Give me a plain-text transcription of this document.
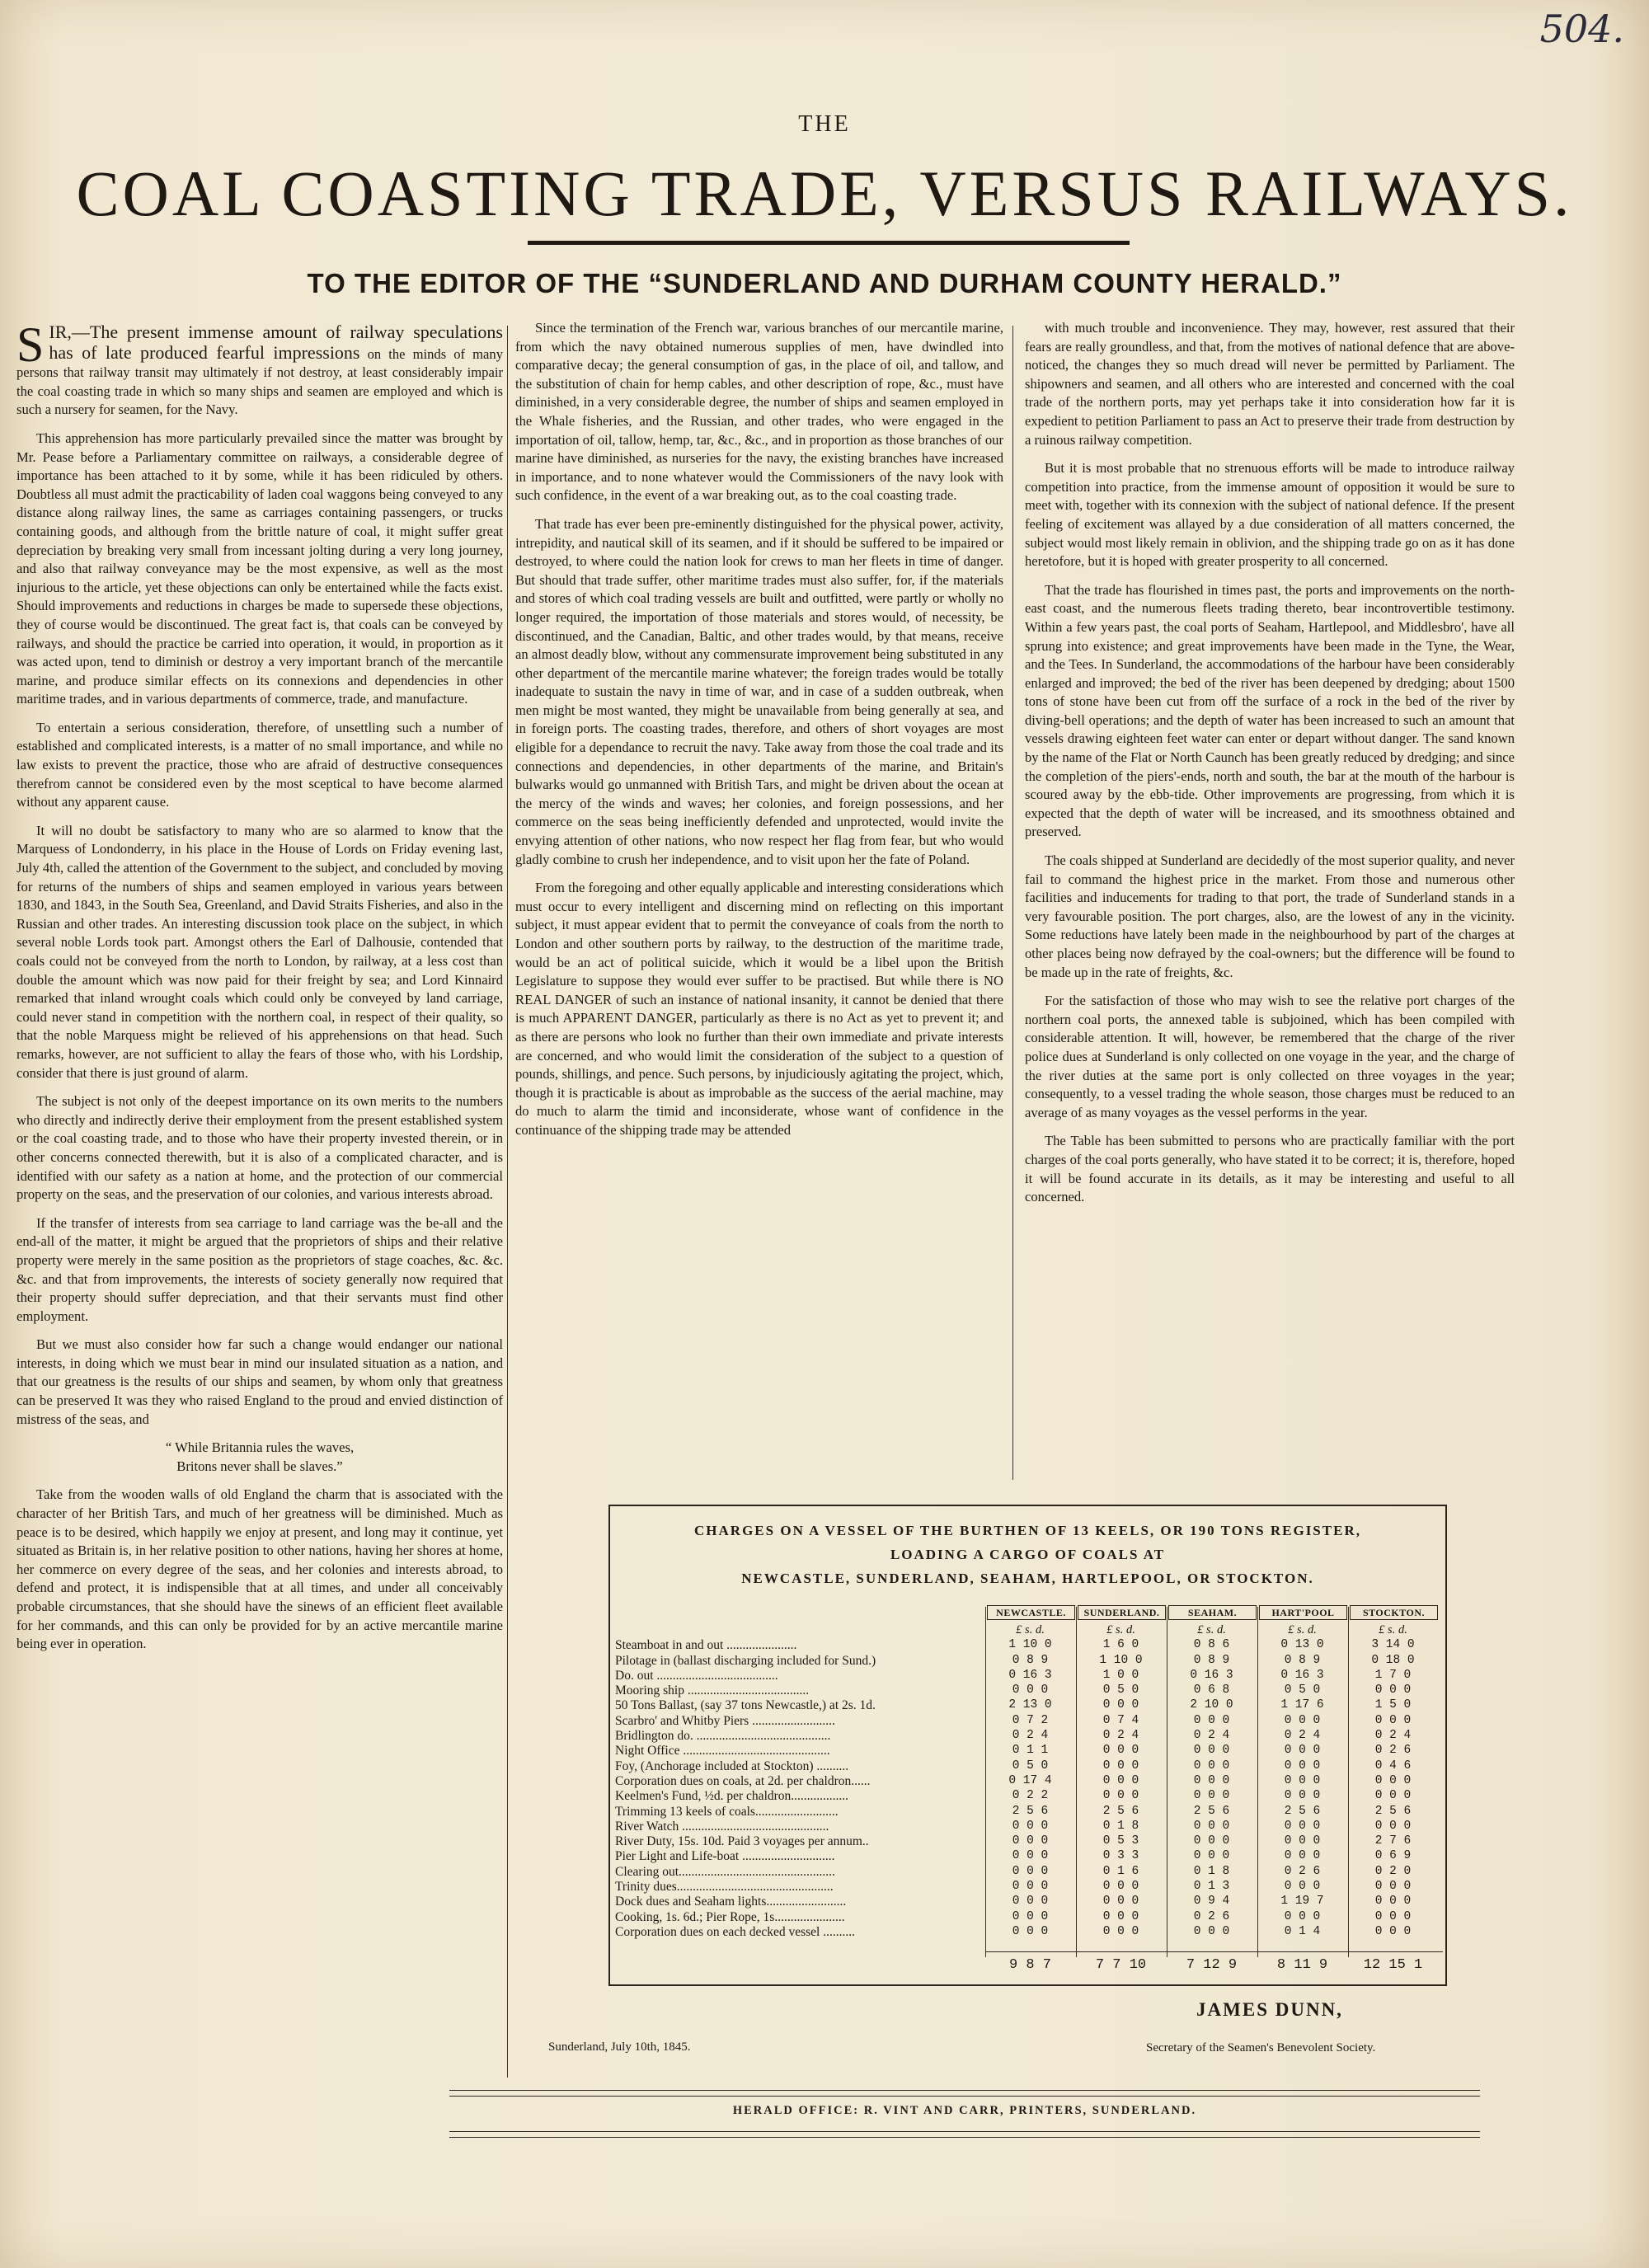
504.
THE
COAL COASTING TRADE, VERSUS RAILWAYS.
TO THE EDITOR OF THE “SUNDERLAND AND DURHAM COUNTY HERALD.”

SIR,—The present immense amount of railway speculations has of late produced fearful impressions on the minds of many persons that railway transit may ultimately if not destroy, at least considerably impair the coal coasting trade in which so many ships and seamen are employed and which is such a nursery for seamen, for the Navy.

This apprehension has more particularly prevailed since the matter was brought by Mr. Pease before a Parliamentary committee on railways, a considerable degree of importance has been attached to it by some, while it has been ridiculed by others. Doubtless all must admit the practicability of laden coal waggons being conveyed to any distance along railway lines, the same as carriages containing passengers, or trucks containing goods, and although from the brittle nature of coal, it might suffer great depreciation by breaking very small from incessant jolting during a very long journey, and also that railway conveyance may be the most expensive, as well as the most injurious to the article, yet these objections can only be entertained while the facts exist. Should improvements and reductions in charges be made to supersede these objections, they of course would be discontinued. The great fact is, that coals can be conveyed by railways, and should the practice be carried into operation, it would, in proportion as it was acted upon, tend to diminish or destroy a very important branch of the mercantile marine, and produce similar effects on its connexions and dependencies in other maritime trades, and in various departments of commerce, trade, and manufacture.

To entertain a serious consideration, therefore, of unsettling such a number of established and complicated interests, is a matter of no small importance, and while no law exists to prevent the practice, those who are afraid of destructive consequences therefrom cannot be considered even by the most sceptical to have become alarmed without any apparent cause.

It will no doubt be satisfactory to many who are so alarmed to know that the Marquess of Londonderry, in his place in the House of Lords on Friday evening last, July 4th, called the attention of the Government to the subject, and concluded by moving for returns of the numbers of ships and seamen employed in various years between 1830, and 1843, in the South Sea, Greenland, and David Straits Fisheries, and also in the Russian and other trades. An interesting discussion took place on the subject, in which several noble Lords took part. Amongst others the Earl of Dalhousie, contended that coals could not be conveyed from the north to London, by railway, at a less cost than double the amount which was now paid for their freight by sea; and Lord Kinnaird remarked that inland wrought coals which could only be conveyed by land carriage, could never stand in competition with the northern coal, in respect of their quality, so that the noble Marquess might be relieved of his apprehensions on that head. Such remarks, however, are not sufficient to allay the fears of those who, with his Lordship, consider that there is just ground of alarm.

The subject is not only of the deepest importance on its own merits to the numbers who directly and indirectly derive their employment from the present established system or the coal coasting trade, and to those who have their property invested therein, or in other concerns connected therewith, but it is also of a complicated character, and is identified with our safety as a nation at home, and the protection of our commercial property on the seas, and the preservation of our colonies, and various interests abroad.

If the transfer of interests from sea carriage to land carriage was the be-all and the end-all of the matter, it might be argued that the proprietors of ships and their relative property were merely in the same position as the proprietors of stage coaches, &c. &c. &c. and that from improvements, the interests of society generally now required that their property should suffer depreciation, and that their servants must find other employment.

But we must also consider how far such a change would endanger our national interests, in doing which we must bear in mind our insulated situation as a nation, and that our greatness is the results of our ships and seamen, by whom only that greatness can be preserved It was they who raised England to the proud and envied distinction of mistress of the seas, and

“ While Britannia rules the waves,
Britons never shall be slaves.”

Take from the wooden walls of old England the charm that is associated with the character of her British Tars, and much of her greatness will be diminished. Much as peace is to be desired, which happily we enjoy at present, and long may it continue, yet situated as Britain is, in her relative position to other nations, having her shores at home, her commerce on every degree of the seas, and her colonies and interests abroad, to defend and protect, it is indispensible that at all times, and under all conceivably probable circumstances, that she should have the sinews of an efficient fleet available for her commands, and this can only be provided for by an active mercantile marine being ever in operation.

Since the termination of the French war, various branches of our mercantile marine, from which the navy obtained numerous supplies of men, have dwindled into comparative decay; the general consumption of gas, in the place of oil, and tallow, and the substitution of chain for hemp cables, and other description of rope, &c., must have diminished, in a very considerable degree, the number of ships and seamen employed in the Whale fisheries, and the Russian, and other trades, who were engaged in the importation of oil, tallow, hemp, tar, &c., &c., and in proportion as those branches of our marine have diminished, as nurseries for the navy, the existing branches have increased in importance, and to none whatever would the Commissioners of the navy look with such confidence, in the event of a war breaking out, as to the coal coasting trade.

That trade has ever been pre-eminently distinguished for the physical power, activity, intrepidity, and nautical skill of its seamen, and if it should be suffered to be impaired or destroyed, to where could the nation look for crews to man her fleets in time of danger. But should that trade suffer, other maritime trades must also suffer, for, if the materials and stores of which coal trading vessels are built and outfitted, were partly or wholly no longer required, the importation of those materials and stores would, of necessity, be discontinued, and the Canadian, Baltic, and other trades would, by that means, receive an almost deadly blow, without any commensurate improvement being substituted in any other department of the mercantile marine whatever; the foreign trades would be totally inadequate to sustain the navy in time of war, and in case of a sudden outbreak, when men might be most wanted, they might be unavailable from being generally at sea, and in foreign ports. The coasting trades, therefore, and others of short voyages are most eligible for a dependance to recruit the navy. Take away from those the coal trade and its connections and dependencies, in other departments of the marine, and Britain's bulwarks would go unmanned with British Tars, and might be driven about the ocean at the mercy of the winds and waves; her colonies, and foreign possessions, and her commerce on the seas being inefficiently defended and unprotected, would invite the envying attention of other nations, who now respect her flag from fear, but who would gladly combine to crush her independence, and to visit upon her the fate of Poland.

From the foregoing and other equally applicable and interesting considerations which must occur to every intelligent and discerning mind on reflecting on this important subject, it must appear evident that to permit the conveyance of coals from the north to London and other southern ports by railway, to the destruction of the maritime trade, would be an act of political suicide, which it would be a libel upon the British Legislature to suppose they would ever suffer to be practised. But while there is NO REAL DANGER of such an instance of national insanity, it cannot be denied that there is much APPARENT DANGER, particularly as there is no Act as yet to prevent it; and as there are persons who look no further than their own immediate and private interests are concerned, and who would limit the consideration of the subject to a question of pounds, shillings, and pence. Such persons, by injudiciously agitating the project, which, though it is practicable is about as improbable as the success of the aerial machine, may do much to alarm the timid and inconsiderate, whose want of confidence in the continuance of the shipping trade may be attended

with much trouble and inconvenience. They may, however, rest assured that their fears are really groundless, and that, from the motives of national defence that are above-noticed, the changes they so much dread will never be permitted by Parliament. The shipowners and seamen, and all others who are interested and concerned with the coal trade of the northern ports, may yet perhaps take it into consideration how far it is expedient to petition Parliament to pass an Act to preserve their trade from destruction by a ruinous railway competition.

But it is most probable that no strenuous efforts will be made to introduce railway competition into practice, from the immense amount of opposition it would be sure to meet with, together with its connexion with the subject of national defence. If the present feeling of excitement was allayed by a due consideration of all matters concerned, the subject would most likely remain in oblivion, and the shipping trade go on as it has done heretofore, but it is hoped with greater prosperity to all concerned.

That the trade has flourished in times past, the ports and improvements on the north-east coast, and the numerous fleets trading thereto, bear incontrovertible testimony. Within a few years past, the coal ports of Seaham, Hartlepool, and Middlesbro', have all sprung into existence; and great improvements have been made in the Tyne, the Wear, and the Tees. In Sunderland, the accommodations of the harbour have been considerably enlarged and improved; the bed of the river has been deepened by dredging; about 1500 tons of stone have been cut from off the surface of a rock in the bed of the river by diving-bell operations; and the depth of water has been increased to such an amount that vessels drawing eighteen feet water can enter or depart without danger. The sand known by the name of the Flat or North Caunch has been greatly reduced by dredging; and since the completion of the piers'-ends, north and south, the bar at the mouth of the harbour is scoured away by the ebb-tide. Other improvements are progressing, from which it is expected that the depth of water will be increased, and its smoothness obtained and preserved.

The coals shipped at Sunderland are decidedly of the most superior quality, and never fail to command the highest price in the market. From those and numerous other facilities and inducements for trading to that port, the trade of Sunderland stands in a very favourable position. The port charges, also, are the lowest of any in the vicinity. Some reductions have lately been made in the neighbourhood by part of the charges at other places being now defrayed by the coal-owners; but the difference will be found to be made up in the rate of freights, &c.

For the satisfaction of those who may wish to see the relative port charges of the northern coal ports, the annexed table is subjoined, which has been compiled with considerable attention. It will, however, be remembered that the charge of the river police dues at Sunderland is only collected on one voyage in the year, and the charge of the river duties at the same port is only collected on three voyages in the year; consequently, to a vessel trading the whole season, those charges must be reduced to an average of as many voyages as the vessel performs in the year.

The Table has been submitted to persons who are practically familiar with the port charges of the coal ports generally, who have stated it to be correct; it is, therefore, hoped it will be found accurate in its details, as it may be interesting and useful to all concerned.

CHARGES ON A VESSEL OF THE BURTHEN OF 13 KEELS, OR 190 TONS REGISTER,
LOADING A CARGO OF COALS AT
NEWCASTLE, SUNDERLAND, SEAHAM, HARTLEPOOL, OR STOCKTON.
NEWCASTLE.	SUNDERLAND.	SEAHAM.	HART'POOL	STOCKTON.
£ s. d.	£ s. d.	£ s. d.	£ s. d.	£ s. d.
Steamboat in and out ......................	1 10 0	1 6 0	0 8 6	0 13 0	3 14 0
Pilotage in (ballast discharging included for Sund.)	0 8 9	1 10 0	0 8 9	0 8 9	0 18 0
Do. out ......................................	0 16 3	1 0 0	0 16 3	0 16 3	1 7 0
Mooring ship ......................................	0 0 0	0 5 0	0 6 8	0 5 0	0 0 0
50 Tons Ballast, (say 37 tons Newcastle,) at 2s. 1d.	2 13 0	0 0 0	2 10 0	1 17 6	1 5 0
Scarbro' and Whitby Piers ..........................	0 7 2	0 7 4	0 0 0	0 0 0	0 0 0
Bridlington do. ..........................................	0 2 4	0 2 4	0 2 4	0 2 4	0 2 4
Night Office ..............................................	0 1 1	0 0 0	0 0 0	0 0 0	0 2 6
Foy, (Anchorage included at Stockton) ..........	0 5 0	0 0 0	0 0 0	0 0 0	0 4 6
Corporation dues on coals, at 2d. per chaldron......	0 17 4	0 0 0	0 0 0	0 0 0	0 0 0
Keelmen's Fund, ½d. per chaldron..................	0 2 2	0 0 0	0 0 0	0 0 0	0 0 0
Trimming 13 keels of coals..........................	2 5 6	2 5 6	2 5 6	2 5 6	2 5 6
River Watch ..............................................	0 0 0	0 1 8	0 0 0	0 0 0	0 0 0
River Duty, 15s. 10d. Paid 3 voyages per annum..	0 0 0	0 5 3	0 0 0	0 0 0	2 7 6
Pier Light and Life-boat .............................	0 0 0	0 3 3	0 0 0	0 0 0	0 6 9
Clearing out.................................................	0 0 0	0 1 6	0 1 8	0 2 6	0 2 0
Trinity dues.................................................	0 0 0	0 0 0	0 1 3	0 0 0	0 0 0
Dock dues and Seaham lights.........................	0 0 0	0 0 0	0 9 4	1 19 7	0 0 0
Cooking, 1s. 6d.; Pier Rope, 1s......................	0 0 0	0 0 0	0 2 6	0 0 0	0 0 0
Corporation dues on each decked vessel ..........	0 0 0	0 0 0	0 0 0	0 1 4	0 0 0
9 8 7	7 7 10	7 12 9	8 11 9	12 15 1
JAMES DUNN,
Sunderland, July 10th, 1845.	Secretary of the Seamen's Benevolent Society.
HERALD OFFICE: R. VINT AND CARR, PRINTERS, SUNDERLAND.
